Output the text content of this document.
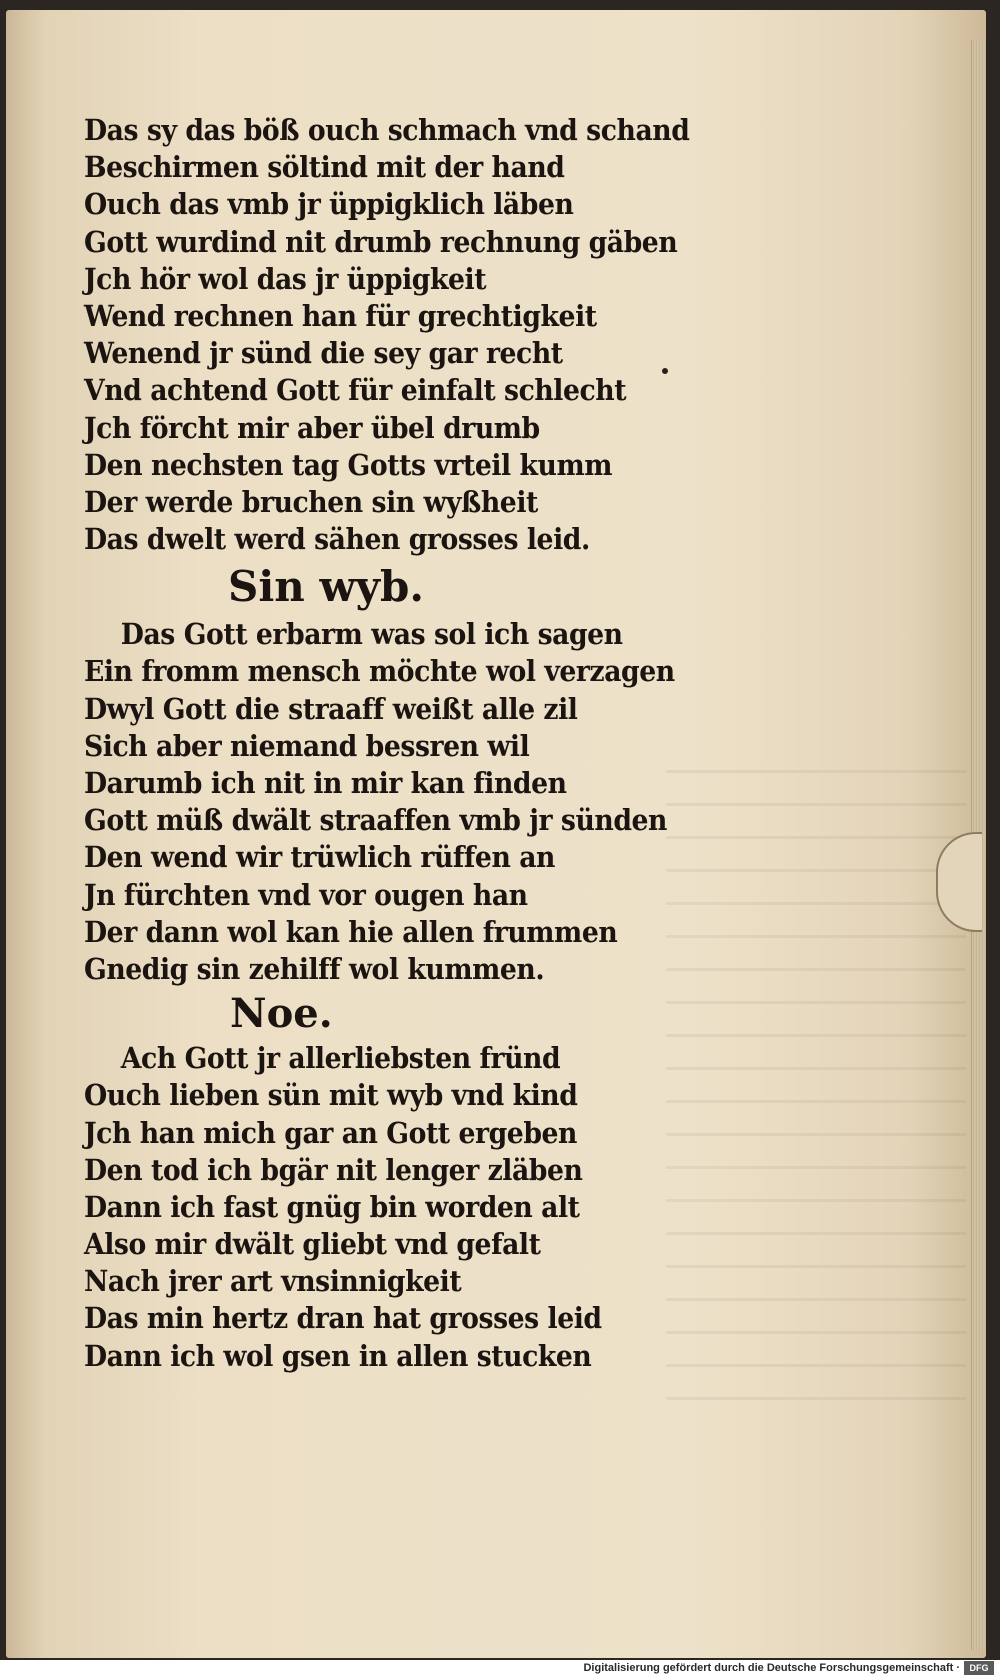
Das sy das böß ouch schmach vnd schand
Beschirmen söltind mit der hand
Ouch das vmb jr üppigklich läben
Gott wurdind nit drumb rechnung gäben
Jch hör wol das jr üppigkeit
Wend rechnen han für grechtigkeit
Wenend jr sünd die sey gar recht
Vnd achtend Gott für einfalt schlecht
Jch förcht mir aber übel drumb
Den nechsten tag Gotts vrteil kumm
Der werde bruchen sin wyßheit
Das dwelt werd sähen grosses leid.
Sin wyb.
Das Gott erbarm was sol ich sagen
Ein fromm mensch möchte wol verzagen
Dwyl Gott die straaff weißt alle zil
Sich aber niemand bessren wil
Darumb ich nit in mir kan finden
Gott müß dwält straaffen vmb jr sünden
Den wend wir trüwlich rüffen an
Jn fürchten vnd vor ougen han
Der dann wol kan hie allen frummen
Gnedig sin zehilff wol kummen.
Noe.
Ach Gott jr allerliebsten fründ
Ouch lieben sün mit wyb vnd kind
Jch han mich gar an Gott ergeben
Den tod ich bgär nit lenger zläben
Dann ich fast gnüg bin worden alt
Also mir dwält gliebt vnd gefalt
Nach jrer art vnsinnigkeit
Das min hertz dran hat grosses leid
Dann ich wol gsen in allen stucken
Digitalisierung gefördert durch die Deutsche Forschungsgemeinschaft ·	DFG
